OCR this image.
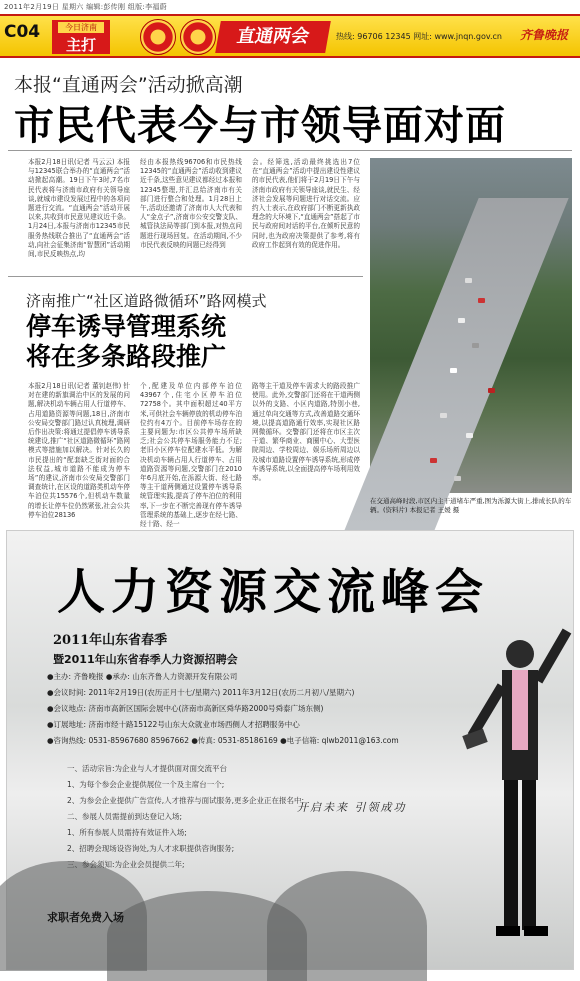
2011年2月19日 星期六 编辑:彭传刚 组版:李福蔚
C04	今日济南
主打	直通两会	热线: 96706 12345 网址: www.jnqn.gov.cn 齐鲁晚报
本报“直通两会”活动掀高潮
市民代表今与市领导面对面
本报2月18日讯(记者 马云云) 本报与12345联合举办的“直通两会”活动掀起高潮。19日下午3时,7名市民代表将与济南市政府有关领导座谈,就城市建设发展过程中的各项问题进行交流。“直通两会”活动开展以来,共收到市民意见建议近千条。1月24日,本报与济南市12345市民服务热线联合推出了“直通两会”活动,向社会征集济南“智慧团”活动期间,市民反映热点,均
经由本报热线96706和市民热线12345的“直通两会”活动收到建议近千条,这些意见建议都经过本报和12345整理,并汇总给济南市有关部门进行整合和处理。1月28日上午,活动还邀请了济南市人大代表和人“金点子”,济南市公安交警支队、城管执法局等部门到本报,对热点问题进行现场回复。在活动期间,不少市民代表反映的问题已经得到
会。经筛选,活动最终挑选出7位在“直通两会”活动中提出建设性建议的市民代表,他们将于2月19日下午与济南市政府有关领导座谈,就民生、经济社会发展等问题进行对话交流。应约入士表示,在政府部门不断更新执政理念的大环境下,“直通两会”搭起了市民与政府间对话的平台,在倾听民意的同时,也为政府决策提供了参考,将有政府工作起到有效的促进作用。
济南推广“社区道路微循环”路网模式
停车诱导管理系统
将在多条路段推广
本报2月18日讯(记者 董钊赵伟) 针对在建的新旗调治中区的发展的问题,解决机动车辆占用人行道停车、占用道路资源等问题,18日,济南市公安局交警部门路过认真梳理,调研后作出决策:将通过提倡停车诱导系统建设,推广“社区道路微循环”路网模式等措施加以解决。针对长久的市民提出的“配套缺乏街对面的合法权益,城市道路不能成为停车场”的建议,济南市公安局交警部门调查统计,在区设的道路类机动车停车泊位共15576个,但机动车数量的增长让停车位仍然紧张,社会公共停车泊位28136
个,配建及单位内部停车泊位43967个,住宅小区停车泊位72758个。其中面积超过40平方米,可供社会车辆停放的机动停车泊位约有4万个。目前停车场存在的主要问题为:市区公共停车场所缺乏;社会公共停车场服务能力不足;老旧小区停车位配建水平低。为解决机动车辆占用人行道停车、占用道路资源等问题,交警部门在2010年6月底开始,在泺源大街、经七路等主干道两侧通过设置停车诱导系统管理实践,提高了停车泊位的利用率,下一步在不断完善现有停车诱导管理系统的基础上,逐步在经七路、经十路、经一
路等主干道及停车需求大的路段推广使用。此外,交警部门还将在干道两侧以外的支路、小区内道路,特别小巷,通过单向交通等方式,改善道路交通环境,以提高道路通行效率,实现社区路网微循环。交警部门还将在市区主次干道、繁华商业、商圈中心、大型医院周边、学校周边、娱乐场所周边以及城市道路设置停车诱导系统,形成停车诱导系统,以全面提高停车场利用效率。
在交通高峰时段,市区内主干道堵车严重,图为泺源大街上,排成长队的车辆。(资料片) 本报记者 王媛 摄
人力资源交流峰会
2011年山东省春季
暨2011年山东省春季人力资源招聘会
●主办: 齐鲁晚报 ●承办: 山东齐鲁人力资源开发有限公司
●会议时间: 2011年2月19日(农历正月十七/星期六) 2011年3月12日(农历二月初八/星期六)
●会议地点: 济南市高新区国际会展中心(济南市高新区舜华路2000号舜泰广场东侧)
●订展地址: 济南市经十路15122号山东大众就业市场西侧人才招聘服务中心
●咨询热线: 0531-85967680 85967662 ●传真: 0531-85186169 ●电子信箱: qlwb2011@163.com
一、活动宗旨:为企业与人才提供面对面交流平台
1、为每个参会企业提供展位一个及主席台一个;
2、为参会企业提供广告宣传,人才推荐与面试服务,更多企业正在报名中;
二、参展人员需提前到达登记入场;
1、所有参展人员需持有效证件入场;
2、招聘会现场设咨询处,为人才求职提供咨询服务;
三、参会须知:为企业会员提供二年;
求职者免费入场
开启未来 引领成功
